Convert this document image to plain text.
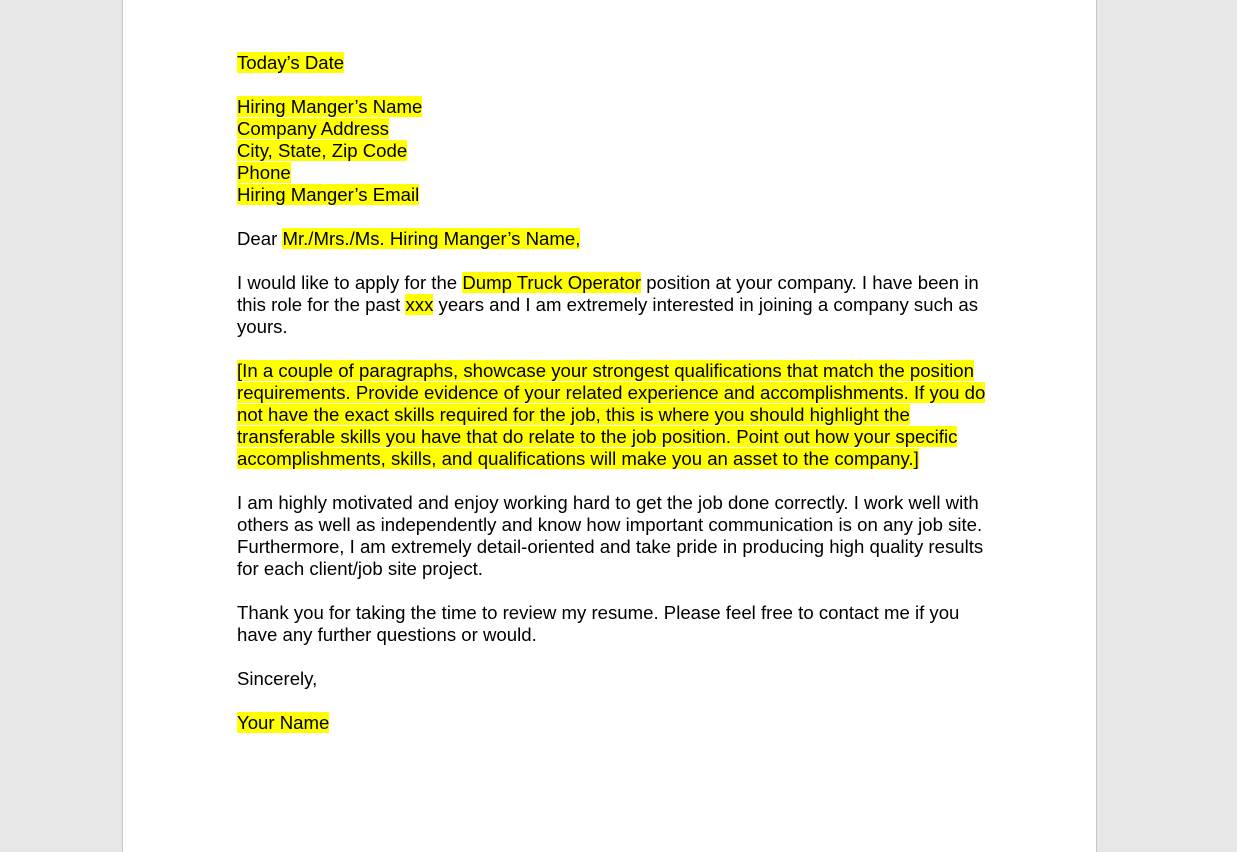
Today’s Date

Hiring Manger’s Name
Company Address
City, State, Zip Code
Phone
Hiring Manger’s Email

Dear Mr./Mrs./Ms. Hiring Manger’s Name,

I would like to apply for the Dump Truck Operator position at your company. I have been in this role for the past xxx years and I am extremely interested in joining a company such as yours.

[In a couple of paragraphs, showcase your strongest qualifications that match the position requirements. Provide evidence of your related experience and accomplishments. If you do not have the exact skills required for the job, this is where you should highlight the transferable skills you have that do relate to the job position. Point out how your specific accomplishments, skills, and qualifications will make you an asset to the company.]

I am highly motivated and enjoy working hard to get the job done correctly. I work well with others as well as independently and know how important communication is on any job site. Furthermore, I am extremely detail-oriented and take pride in producing high quality results for each client/job site project.

Thank you for taking the time to review my resume. Please feel free to contact me if you have any further questions or would.

Sincerely,

Your Name
